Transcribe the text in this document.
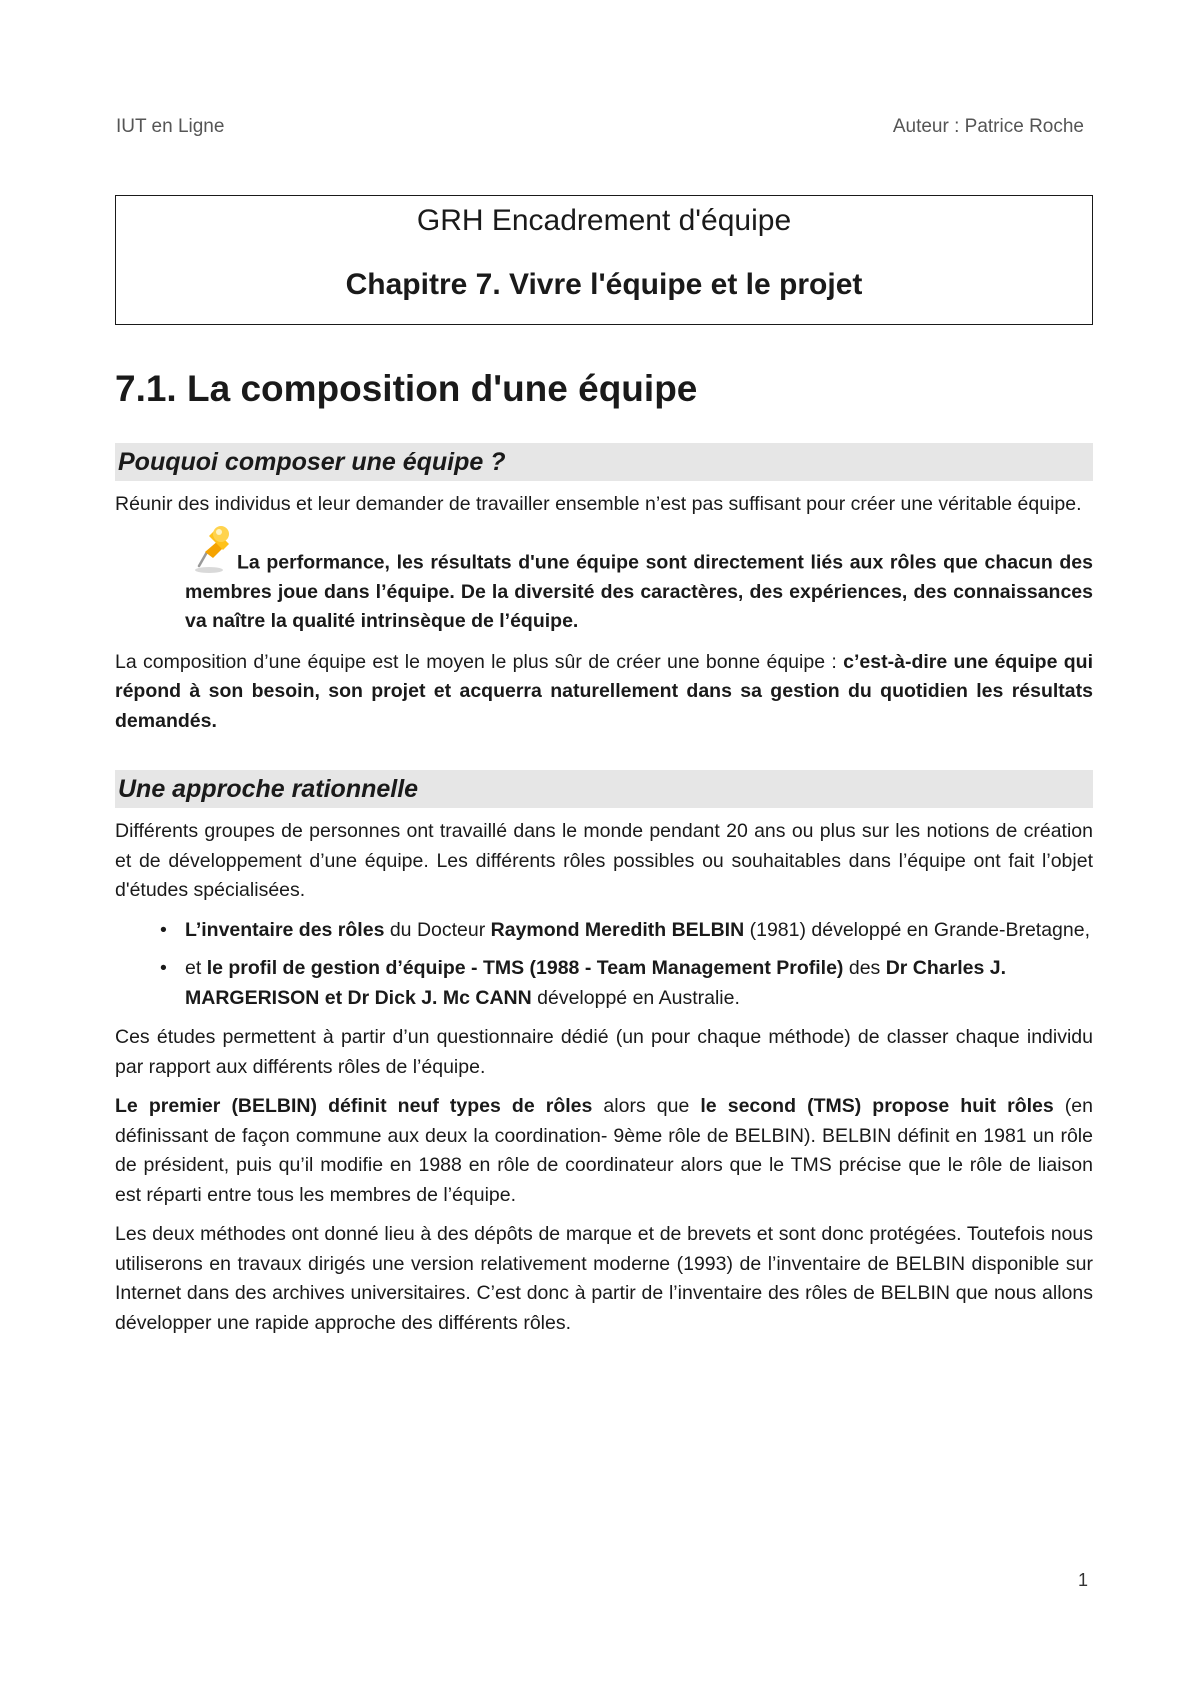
IUT en Ligne	Auteur : Patrice Roche
GRH Encadrement d'équipe
Chapitre 7. Vivre l'équipe et le projet
7.1. La composition d'une équipe
Pouquoi composer une équipe ?

Réunir des individus et leur demander de travailler ensemble n’est pas suffisant pour créer une véritable équipe.

La performance, les résultats d'une équipe sont directement liés aux rôles que chacun des membres joue dans l’équipe. De la diversité des caractères, des expériences, des connaissances va naître la qualité intrinsèque de l’équipe.

La composition d’une équipe est le moyen le plus sûr de créer une bonne équipe : c’est-à-dire une équipe qui répond à son besoin, son projet et acquerra naturellement dans sa gestion du quotidien les résultats demandés.

Une approche rationnelle

Différents groupes de personnes ont travaillé dans le monde pendant 20 ans ou plus sur les notions de création et de développement d’une équipe. Les différents rôles possibles ou souhaitables dans l’équipe ont fait l’objet d'études spécialisées.

• L’inventaire des rôles du Docteur Raymond Meredith BELBIN (1981) développé en Grande-Bretagne,
• et le profil de gestion d’équipe - TMS (1988 - Team Management Profile) des Dr Charles J. MARGERISON et Dr Dick J. Mc CANN développé en Australie.

Ces études permettent à partir d’un questionnaire dédié (un pour chaque méthode) de classer chaque individu par rapport aux différents rôles de l’équipe.

Le premier (BELBIN) définit neuf types de rôles alors que le second (TMS) propose huit rôles (en définissant de façon commune aux deux la coordination- 9ème rôle de BELBIN). BELBIN définit en 1981 un rôle de président, puis qu’il modifie en 1988 en rôle de coordinateur alors que le TMS précise que le rôle de liaison est réparti entre tous les membres de l’équipe.

Les deux méthodes ont donné lieu à des dépôts de marque et de brevets et sont donc protégées. Toutefois nous utiliserons en travaux dirigés une version relativement moderne (1993) de l’inventaire de BELBIN disponible sur Internet dans des archives universitaires. C’est donc à partir de l’inventaire des rôles de BELBIN que nous allons développer une rapide approche des différents rôles.

1
